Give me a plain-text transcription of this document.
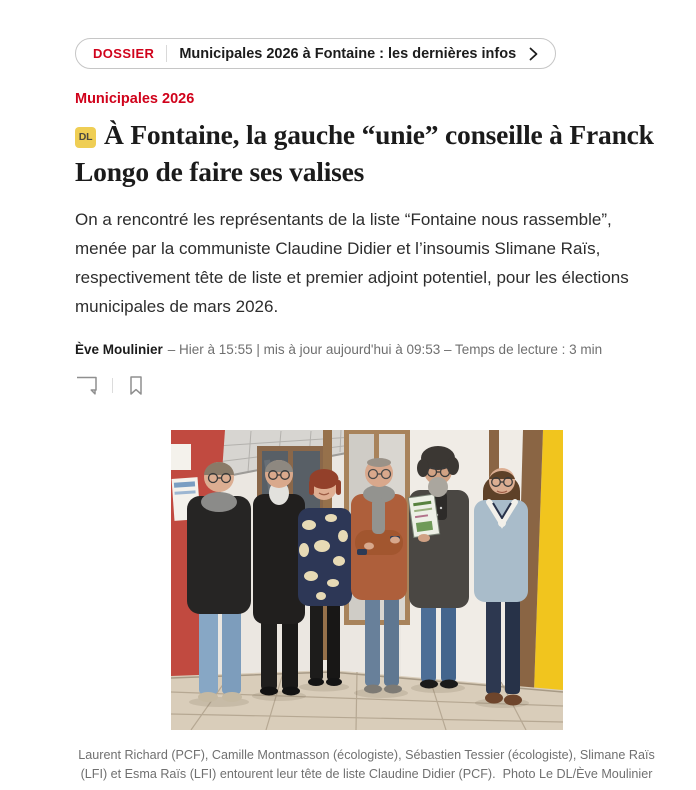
DOSSIER Municipales 2026 à Fontaine : les dernières infos
Municipales 2026
DL À Fontaine, la gauche “unie” conseille à Franck Longo de faire ses valises

On a rencontré les représentants de la liste “Fontaine nous rassemble”, menée par la communiste Claudine Didier et l’insoumis Slimane Raïs, respectivement tête de liste et premier adjoint potentiel, pour les élections municipales de mars 2026.

Ève Moulinier – Hier à 15:55 | mis à jour aujourd'hui à 09:53 – Temps de lecture : 3 min
Laurent Richard (PCF), Camille Montmasson (écologiste), Sébastien Tessier (écologiste), Slimane Raïs (LFI) et Esma Raïs (LFI) entourent leur tête de liste Claudine Didier (PCF).  Photo Le DL/Ève Moulinier
